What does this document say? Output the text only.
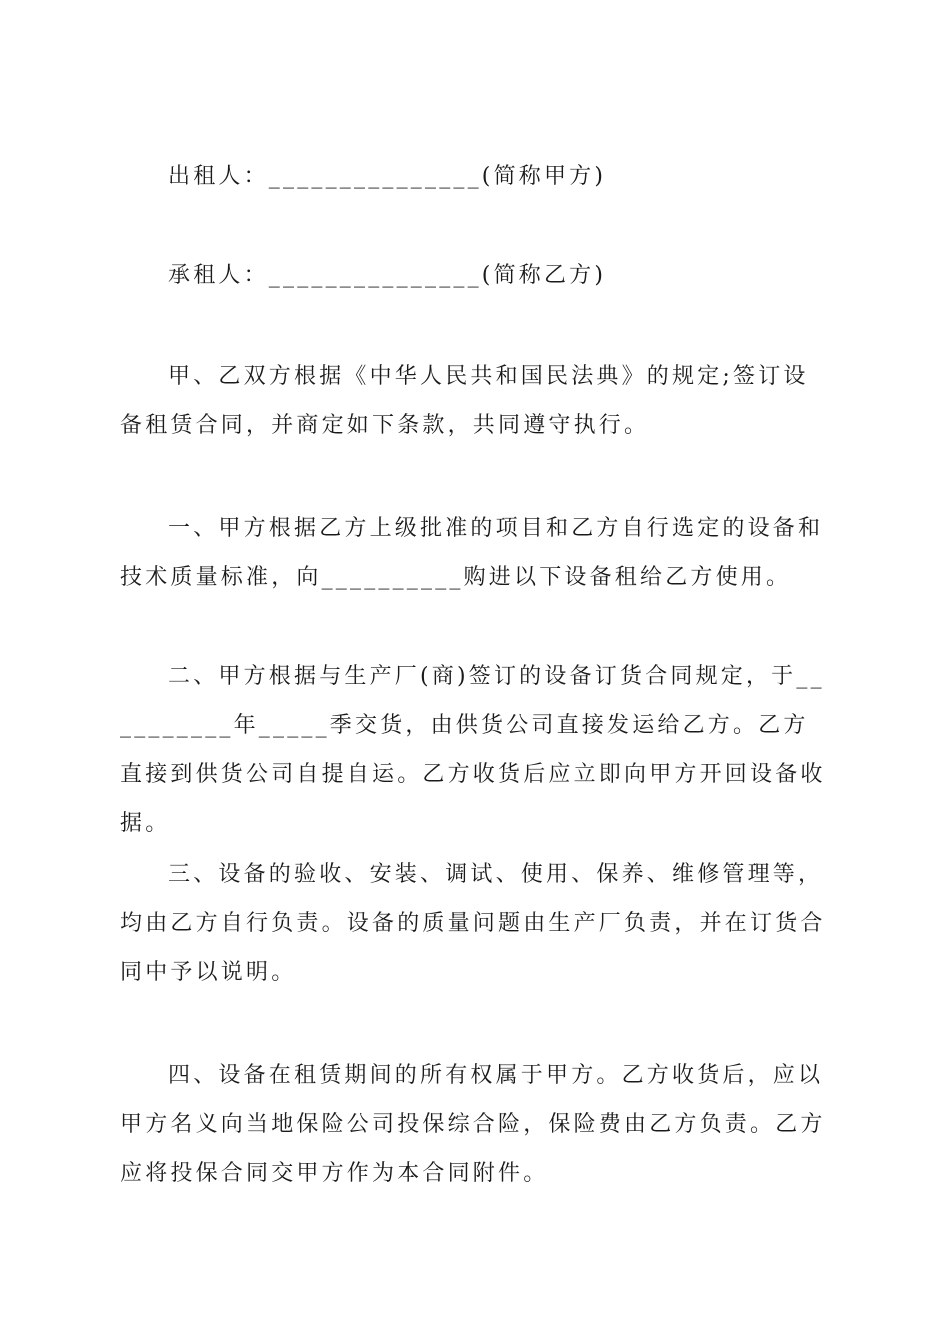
出租人：_______________(简称甲方)

承租人：_______________(简称乙方)

甲、乙双方根据《中华人民共和国民法典》的规定;签订设备租赁合同，并商定如下条款，共同遵守执行。

一、甲方根据乙方上级批准的项目和乙方自行选定的设备和技术质量标准，向__________购进以下设备租给乙方使用。

二、甲方根据与生产厂(商)签订的设备订货合同规定，于__________年_____季交货，由供货公司直接发运给乙方。乙方直接到供货公司自提自运。乙方收货后应立即向甲方开回设备收据。

三、设备的验收、安装、调试、使用、保养、维修管理等，均由乙方自行负责。设备的质量问题由生产厂负责，并在订货合同中予以说明。

四、设备在租赁期间的所有权属于甲方。乙方收货后，应以甲方名义向当地保险公司投保综合险，保险费由乙方负责。乙方应将投保合同交甲方作为本合同附件。
